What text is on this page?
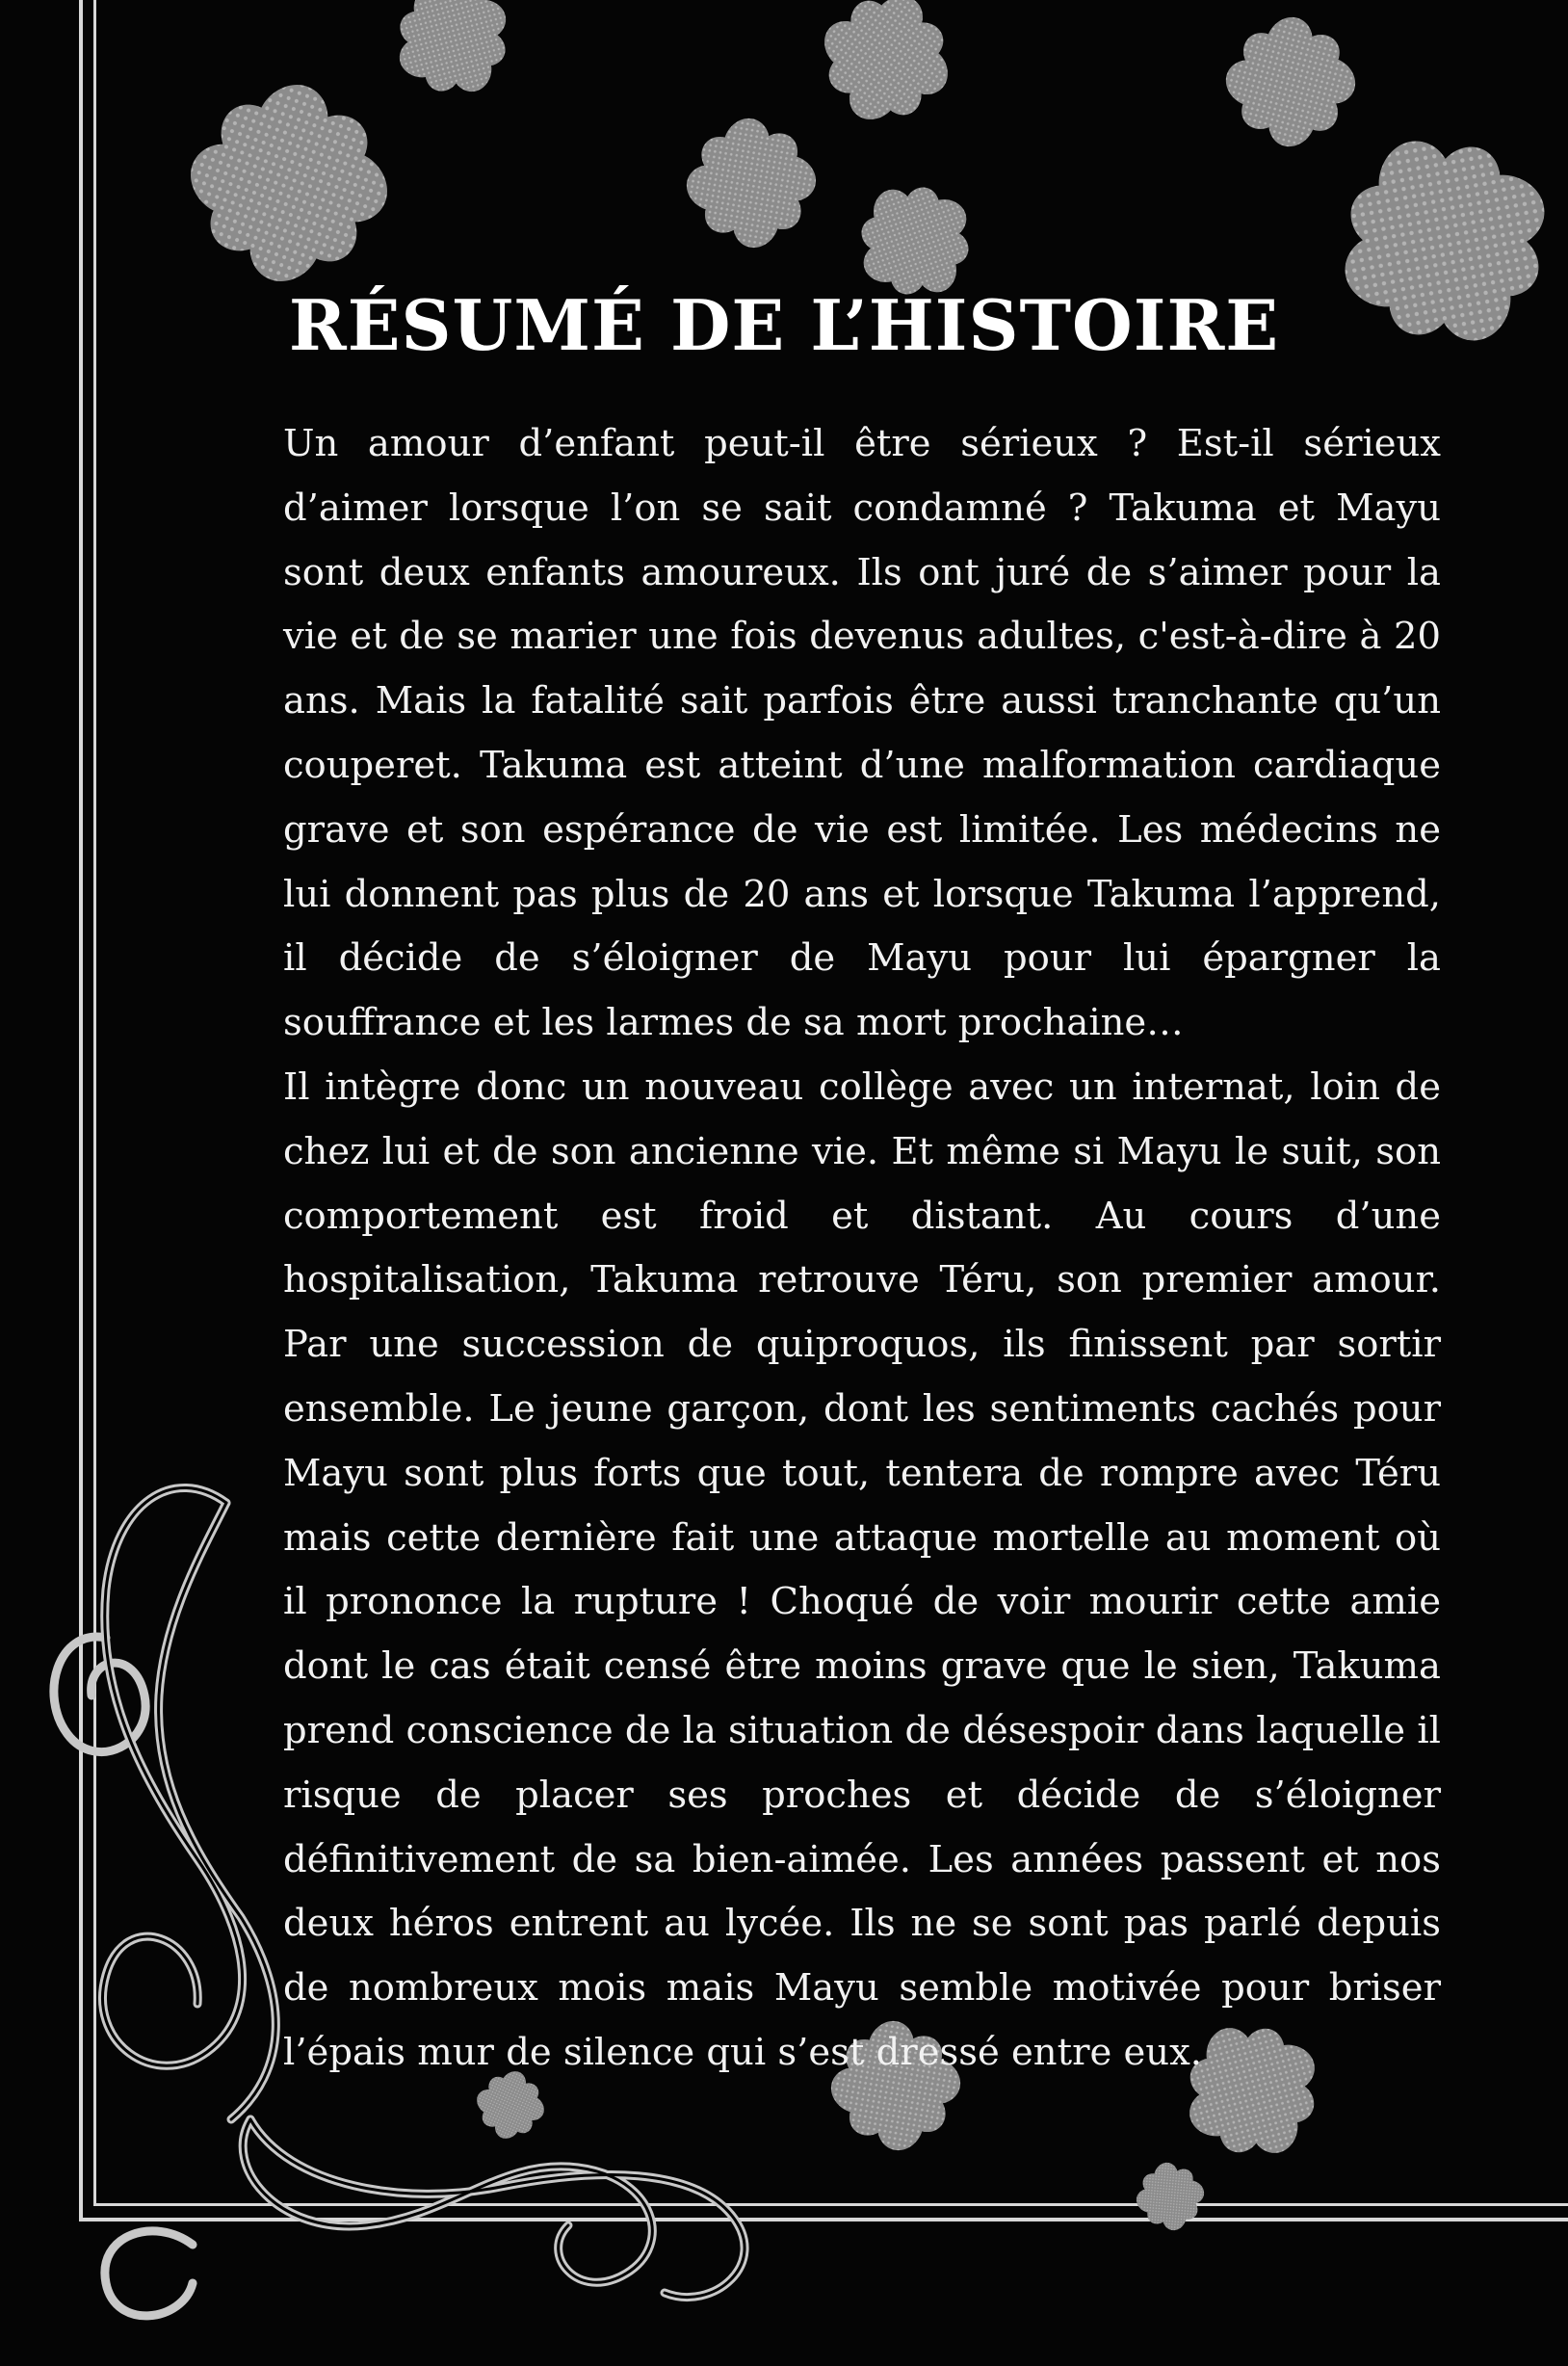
RÉSUMÉ DE L’HISTOIRE

Un amour d’enfant peut-il être sérieux ? Est-il sérieux d’aimer lorsque l’on se sait condamné ? Takuma et Mayu sont deux enfants amoureux. Ils ont juré de s’aimer pour la vie et de se marier une fois devenus adultes, c'est-à-dire à 20 ans. Mais la fatalité sait parfois être aussi tranchante qu’un couperet. Takuma est atteint d’une malformation cardiaque grave et son espérance de vie est limitée. Les médecins ne lui donnent pas plus de 20 ans et lorsque Takuma l’apprend, il décide de s’éloigner de Mayu pour lui épargner la souffrance et les larmes de sa mort prochaine…

Il intègre donc un nouveau collège avec un internat, loin de chez lui et de son ancienne vie. Et même si Mayu le suit, son comportement est froid et distant. Au cours d’une hospitalisation, Takuma retrouve Téru, son premier amour. Par une succession de quiproquos, ils finissent par sortir ensemble. Le jeune garçon, dont les sentiments cachés pour Mayu sont plus forts que tout, tentera de rompre avec Téru mais cette dernière fait une attaque mortelle au moment où il prononce la rupture ! Choqué de voir mourir cette amie dont le cas était censé être moins grave que le sien, Takuma prend conscience de la situation de désespoir dans laquelle il risque de placer ses proches et décide de s’éloigner définitivement de sa bien-aimée. Les années passent et nos deux héros entrent au lycée. Ils ne se sont pas parlé depuis de nombreux mois mais Mayu semble motivée pour briser l’épais mur de silence qui s’est dressé entre eux.
